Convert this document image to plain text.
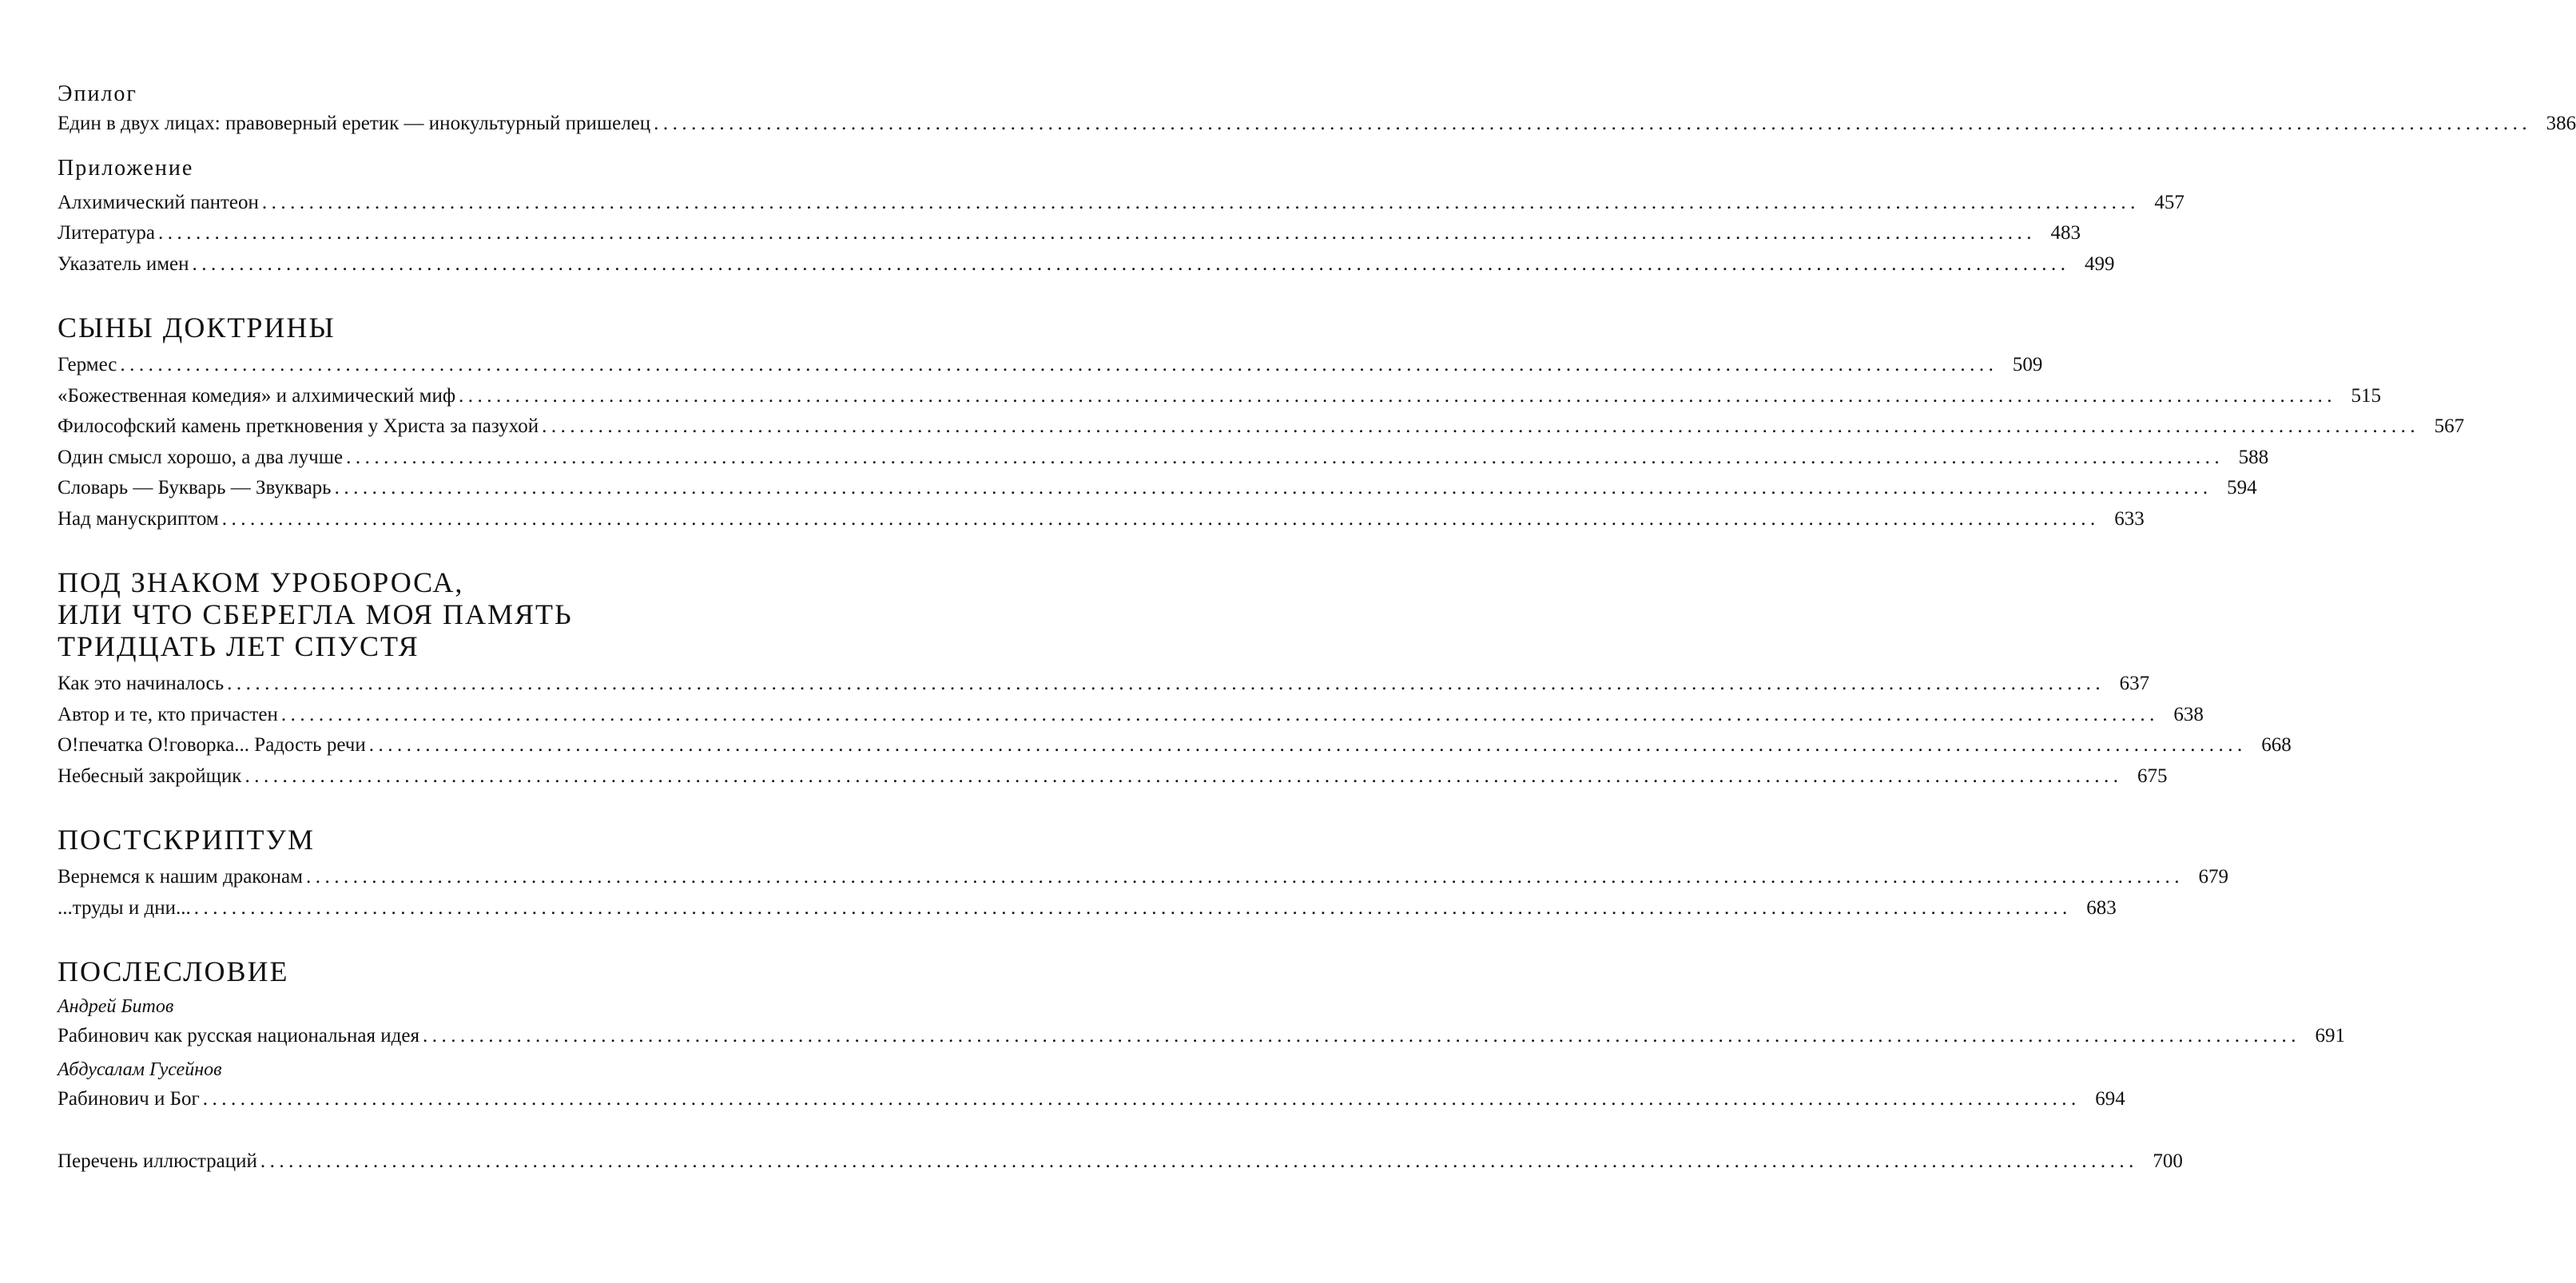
Эпилог
Един в двух лицах: правоверный еретик — инокультурный пришелец ........................................................................................................................................................................................................ 386
Приложение
Алхимический пантеон ........................................................................................................................................................................................................ 457
Литература ........................................................................................................................................................................................................ 483
Указатель имен ........................................................................................................................................................................................................ 499
СЫНЫ ДОКТРИНЫ
Гермес ........................................................................................................................................................................................................ 509
«Божественная комедия» и алхимический миф ........................................................................................................................................................................................................ 515
Философский камень преткновения у Христа за пазухой ........................................................................................................................................................................................................ 567
Один смысл хорошо, а два лучше ........................................................................................................................................................................................................ 588
Словарь — Букварь — Звукварь ........................................................................................................................................................................................................ 594
Над манускриптом ........................................................................................................................................................................................................ 633
ПОД ЗНАКОМ УРОБОРОСА,
ИЛИ ЧТО СБЕРЕГЛА МОЯ ПАМЯТЬ
ТРИДЦАТЬ ЛЕТ СПУСТЯ
Как это начиналось ........................................................................................................................................................................................................ 637
Автор и те, кто причастен ........................................................................................................................................................................................................ 638
О!печатка О!говорка... Радость речи ........................................................................................................................................................................................................ 668
Небесный закройщик ........................................................................................................................................................................................................ 675
ПОСТСКРИПТУМ
Вернемся к нашим драконам ........................................................................................................................................................................................................ 679
...труды и дни... ........................................................................................................................................................................................................ 683
ПОСЛЕСЛОВИЕ

Андрей Битов

Рабинович как русская национальная идея ........................................................................................................................................................................................................ 691

Абдусалам Гусейнов

Рабинович и Бог ........................................................................................................................................................................................................ 694
Перечень иллюстраций ........................................................................................................................................................................................................ 700
